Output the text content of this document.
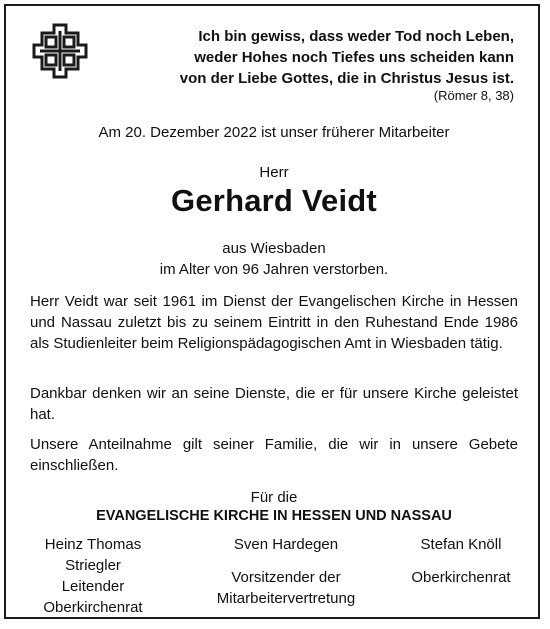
Ich bin gewiss, dass weder Tod noch Leben,
weder Hohes noch Tiefes uns scheiden kann
von der Liebe Gottes, die in Christus Jesus ist.
(Römer 8, 38)
Am 20. Dezember 2022 ist unser früherer Mitarbeiter
Herr
Gerhard Veidt
aus Wiesbaden
im Alter von 96 Jahren verstorben.
Herr Veidt war seit 1961 im Dienst der Evangelischen Kirche in Hessen und Nassau zuletzt bis zu seinem Eintritt in den Ruhestand Ende 1986 als Studienleiter beim Religionspädagogischen Amt in Wiesbaden tätig.
Dankbar denken wir an seine Dienste, die er für unsere Kirche geleistet hat.
Unsere Anteilnahme gilt seiner Familie, die wir in unsere Gebete einschließen.
Für die
EVANGELISCHE KIRCHE IN HESSEN UND NASSAU
Heinz Thomas
Striegler
Leitender
Oberkirchenrat
Sven Hardegen
Vorsitzender der
Mitarbeitervertretung
Stefan Knöll
Oberkirchenrat
